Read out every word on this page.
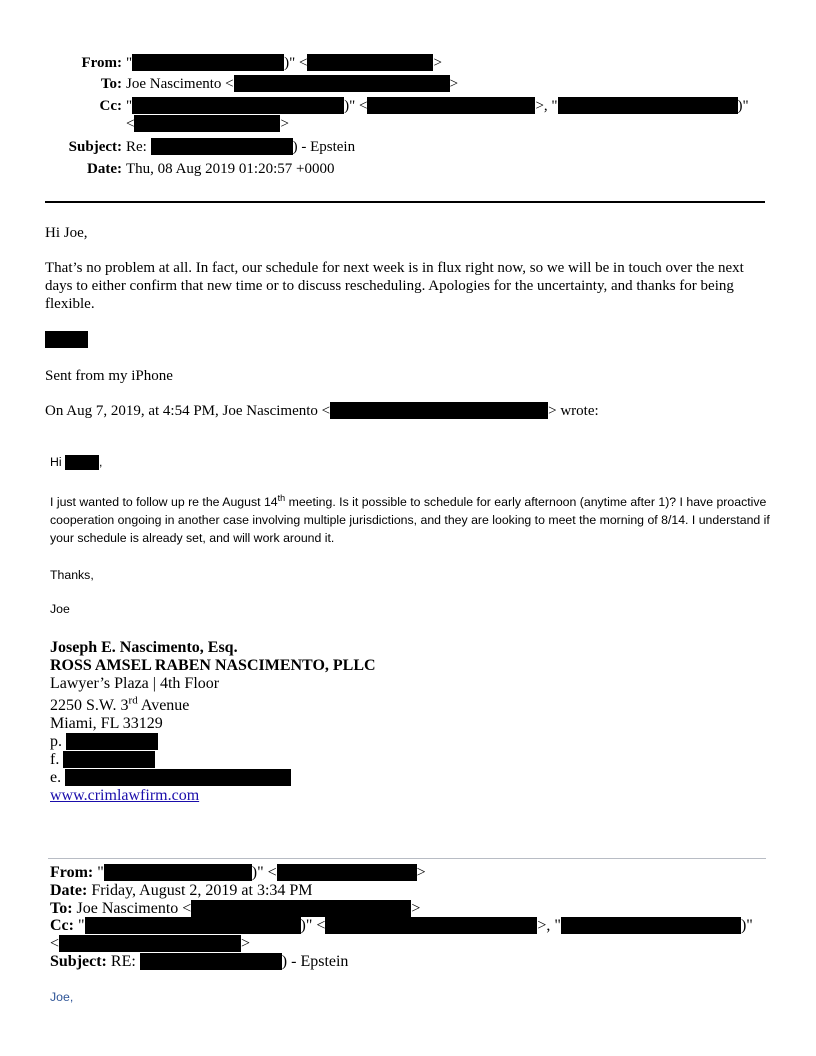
From: "	)" <	>
To: Joe Nascimento <	>
Cc: "	)" <	>, "	)"
<	>
Subject: Re:	) - Epstein
Date: Thu, 08 Aug 2019 01:20:57 +0000
Hi Joe,
That’s no problem at all. In fact, our schedule for next week is in flux right now, so we will be in touch over the next days to either confirm that new time or to discuss rescheduling. Apologies for the uncertainty, and thanks for being flexible.
Sent from my iPhone
On Aug 7, 2019, at 4:54 PM, Joe Nascimento <	> wrote:
Hi	,
I just wanted to follow up re the August 14th meeting. Is it possible to schedule for early afternoon (anytime after 1)? I have proactive cooperation ongoing in another case involving multiple jurisdictions, and they are looking to meet the morning of 8/14. I understand if your schedule is already set, and will work around it.
Thanks,
Joe
Joseph E. Nascimento, Esq.
ROSS AMSEL RABEN NASCIMENTO, PLLC
Lawyer’s Plaza | 4th Floor
2250 S.W. 3rd Avenue
Miami, FL 33129
p.
f.
e.
www.crimlawfirm.com
From: "	)" <	>
Date: Friday, August 2, 2019 at 3:34 PM
To: Joe Nascimento <	>
Cc: "	)" <	>, "	)"
<	>
Subject: RE:	) - Epstein
Joe,
